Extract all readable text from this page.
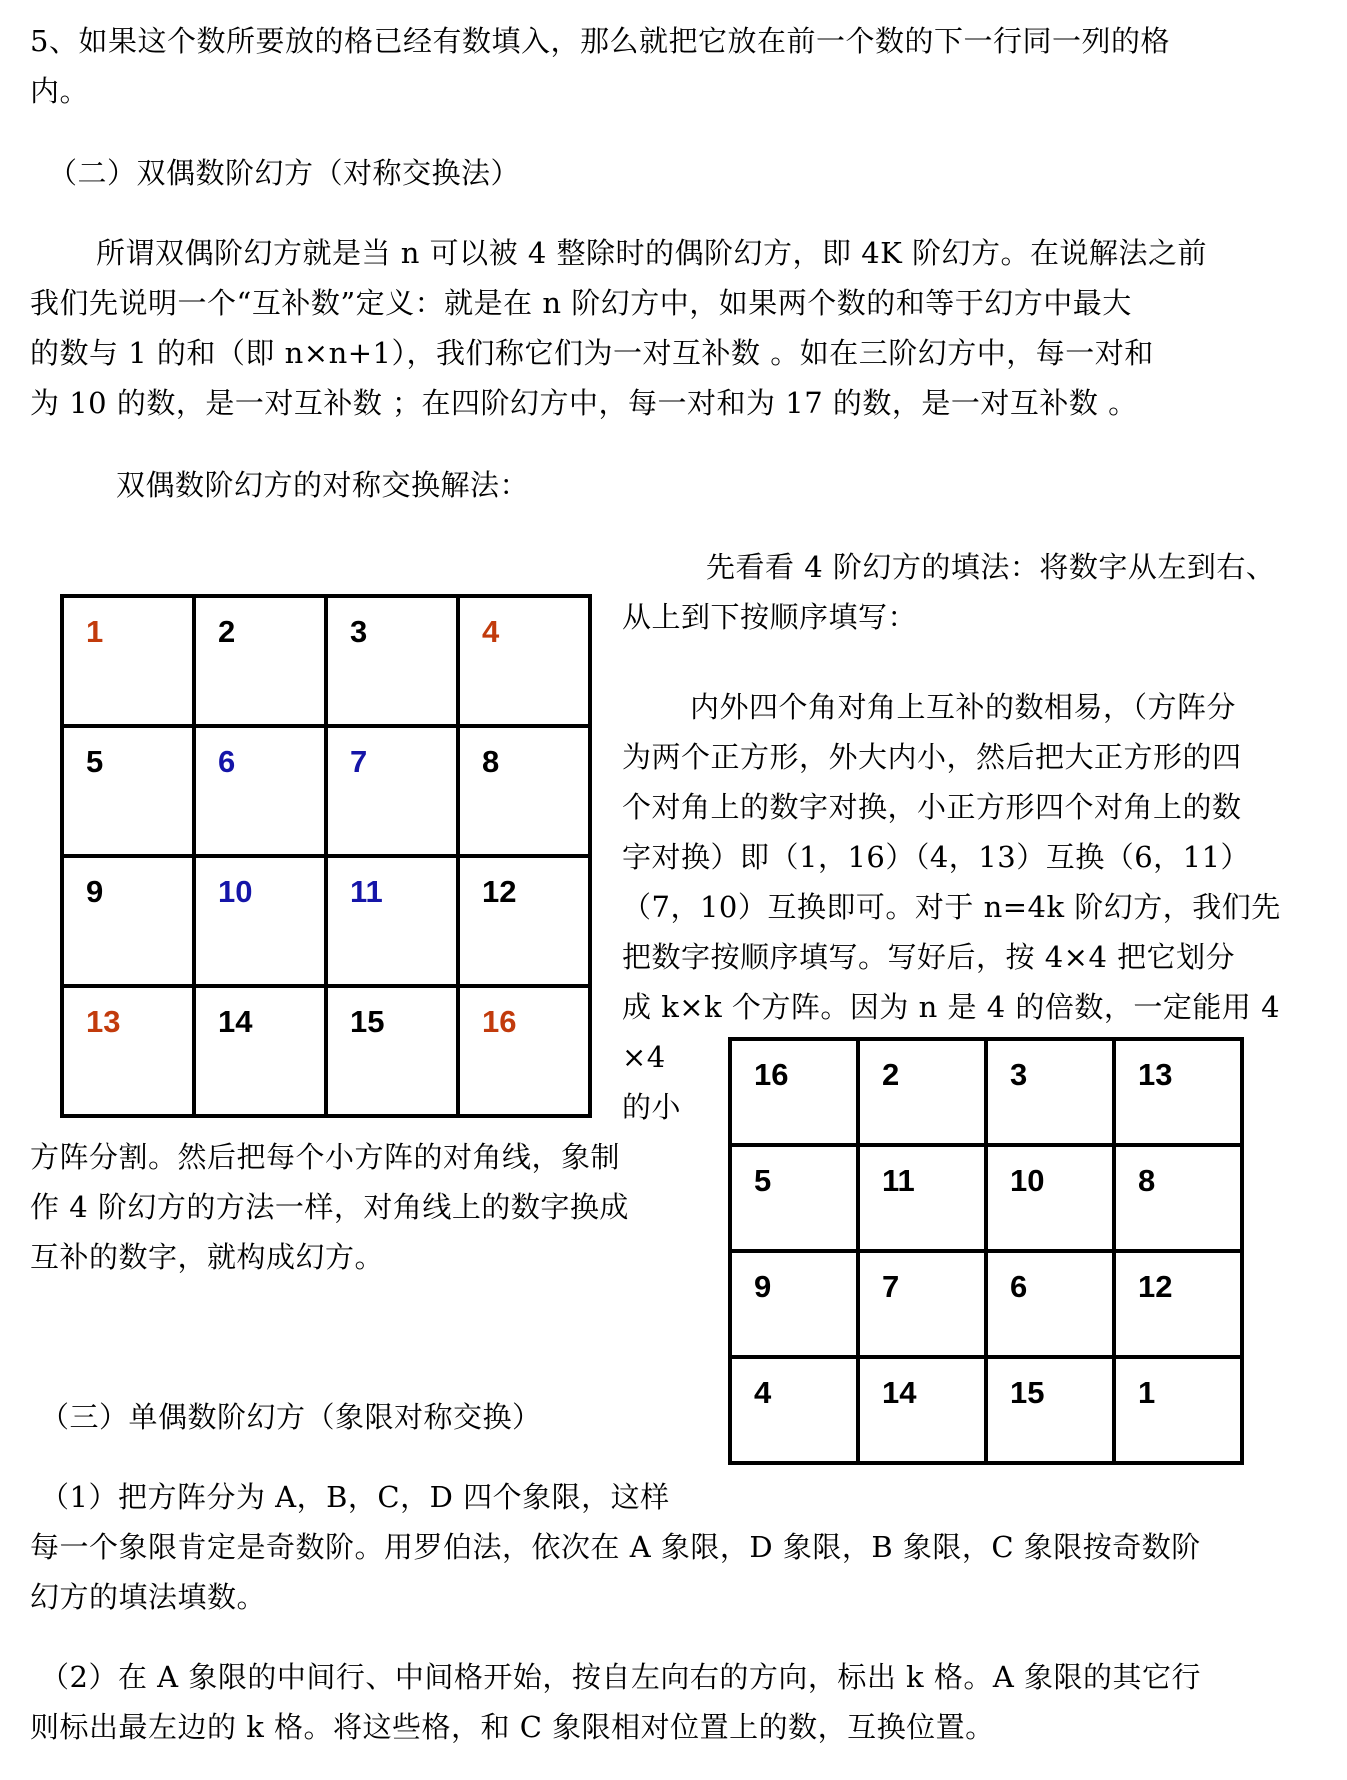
5、如果这个数所要放的格已经有数填入，那么就把它放在前一个数的下一行同一列的格
内。
（二）双偶数阶幻方（对称交换法）
所谓双偶阶幻方就是当 n 可以被 4 整除时的偶阶幻方，即 4K 阶幻方。在说解法之前
我们先说明一个“互补数”定义：就是在 n 阶幻方中，如果两个数的和等于幻方中最大
的数与 1 的和（即 n×n+1），我们称它们为一对互补数 。如在三阶幻方中，每一对和
为 10 的数，是一对互补数 ；在四阶幻方中，每一对和为 17 的数，是一对互补数 。
双偶数阶幻方的对称交换解法：
先看看 4 阶幻方的填法：将数字从左到右、
从上到下按顺序填写：
内外四个角对角上互补的数相易，（方阵分
为两个正方形，外大内小，然后把大正方形的四
个对角上的数字对换，小正方形四个对角上的数
字对换）即（1，16）（4，13）互换（6，11）
（7，10）互换即可。对于 n=4k 阶幻方，我们先
把数字按顺序填写。写好后，按 4×4 把它划分
成 k×k 个方阵。因为 n 是 4 的倍数，一定能用 4
×4
的小
方阵分割。然后把每个小方阵的对角线，象制
作 4 阶幻方的方法一样，对角线上的数字换成
互补的数字，就构成幻方。
（三）单偶数阶幻方（象限对称交换）
（1）把方阵分为 A，B，C，D 四个象限，这样
每一个象限肯定是奇数阶。用罗伯法，依次在 A 象限，D 象限，B 象限，C 象限按奇数阶
幻方的填法填数。
（2）在 A 象限的中间行、中间格开始，按自左向右的方向，标出 k 格。A 象限的其它行
则标出最左边的 k 格。将这些格，和 C 象限相对位置上的数，互换位置。
1	2	3	4
5	6	7	8
9	10	11	12
13	14	15	16
16	2	3	13
5	11	10	8
9	7	6	12
4	14	15	1
